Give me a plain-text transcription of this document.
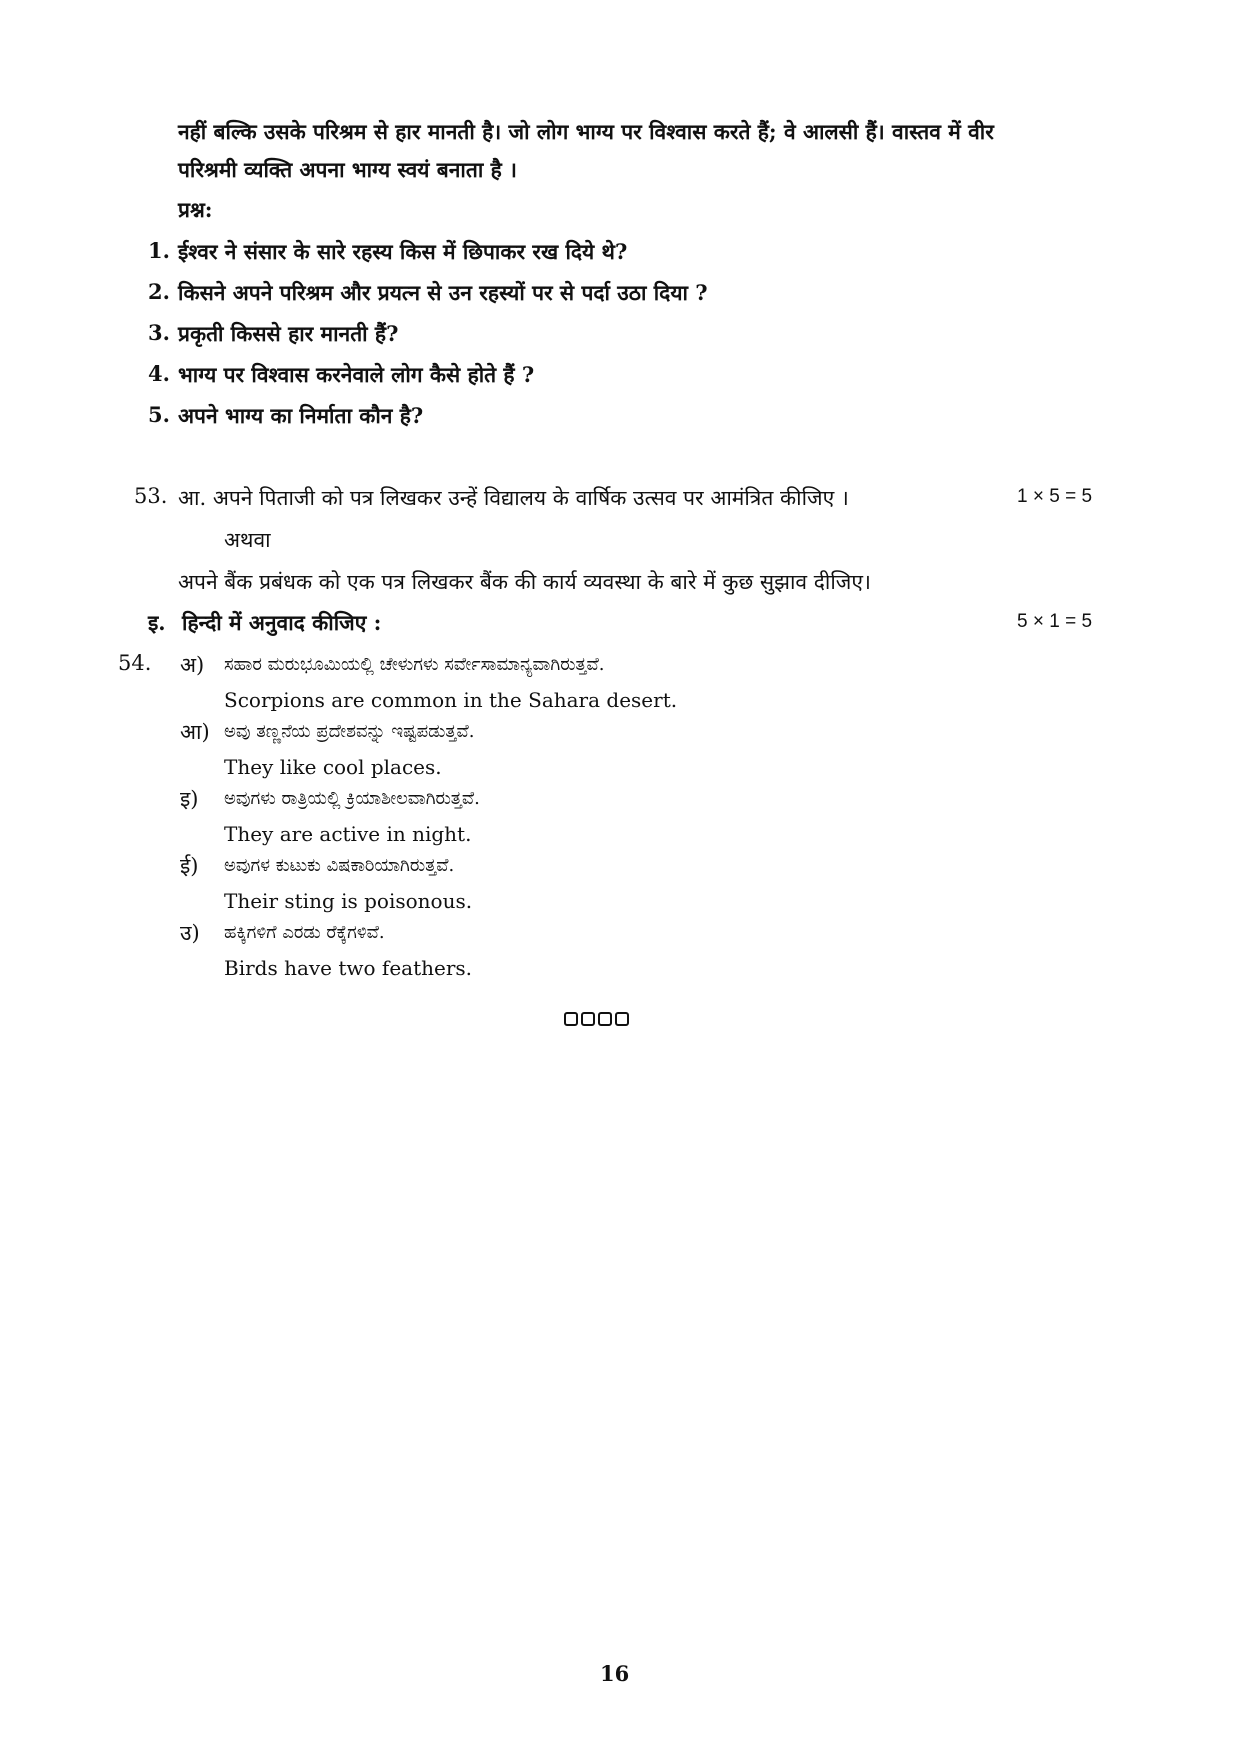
नहीं बल्कि उसके परिश्रम से हार मानती है। जो लोग भाग्य पर विश्वास करते हैं; वे आलसी हैं। वास्तव में वीर
परिश्रमी व्यक्ति अपना भाग्य स्वयं बनाता है ।
प्रश्न:
1. ईश्वर ने संसार के सारे रहस्य किस में छिपाकर रख दिये थे?
2. किसने अपने परिश्रम और प्रयत्न से उन रहस्यों पर से पर्दा उठा दिया ?
3. प्रकृती किससे हार मानती हैं?
4. भाग्य पर विश्वास करनेवाले लोग कैसे होते हैं ?
5. अपने भाग्य का निर्माता कौन है?
53. आ. अपने पिताजी को पत्र लिखकर उन्हें विद्यालय के वार्षिक उत्सव पर आमंत्रित कीजिए ।	1 × 5 = 5
अथवा
अपने बैंक प्रबंधक को एक पत्र लिखकर बैंक की कार्य व्यवस्था के बारे में कुछ सुझाव दीजिए।
इ. हिन्दी में अनुवाद कीजिए :	5 × 1 = 5
54. अ) ಸಹಾರ ಮರುಭೂಮಿಯಲ್ಲಿ ಚೇಳುಗಳು ಸರ್ವೇಸಾಮಾನ್ಯವಾಗಿರುತ್ತವೆ.
Scorpions are common in the Sahara desert.
आ) ಅವು ತಣ್ಣನೆಯ ಪ್ರದೇಶವನ್ನು ಇಷ್ಟಪಡುತ್ತವೆ.
They like cool places.
इ) ಅವುಗಳು ರಾತ್ರಿಯಲ್ಲಿ ಕ್ರಿಯಾಶೀಲವಾಗಿರುತ್ತವೆ.
They are active in night.
ई) ಅವುಗಳ ಕುಟುಕು ವಿಷಕಾರಿಯಾಗಿರುತ್ತವೆ.
Their sting is poisonous.
उ) ಹಕ್ಕಿಗಳಿಗೆ ಎರಡು ರೆಕ್ಕೆಗಳಿವೆ.
Birds have two feathers.
16
